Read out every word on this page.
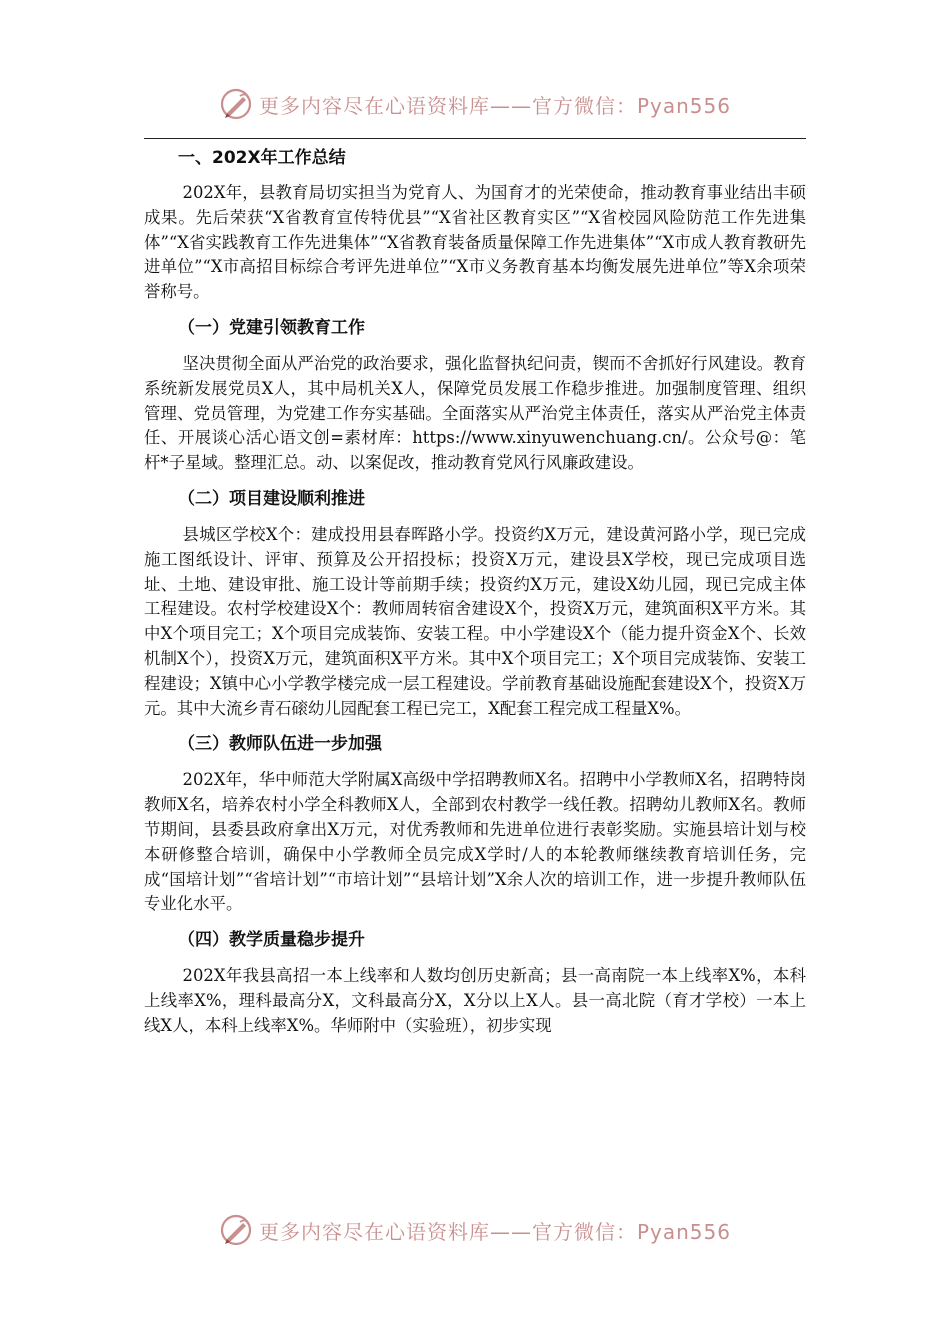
更多内容尽在心语资料库——官方微信：Pyan556
一、202X年工作总结

202X年，县教育局切实担当为党育人、为国育才的光荣使命，推动教育事业结出丰硕成果。先后荣获“X省教育宣传特优县”“X省社区教育实区”“X省校园风险防范工作先进集体”“X省实践教育工作先进集体”“X省教育装备质量保障工作先进集体”“X市成人教育教研先进单位”“X市高招目标综合考评先进单位”“X市义务教育基本均衡发展先进单位”等X余项荣誉称号。

（一）党建引领教育工作

坚决贯彻全面从严治党的政治要求，强化监督执纪问责，锲而不舍抓好行风建设。教育系统新发展党员X人，其中局机关X人，保障党员发展工作稳步推进。加强制度管理、组织管理、党员管理，为党建工作夯实基础。全面落实从严治党主体责任，落实从严治党主体责任、开展谈心活心语文创=素材库：https://www.xinyuwenchuang.cn/。公众号@：笔杆*子星域。整理汇总。动、以案促改，推动教育党风行风廉政建设。

（二）项目建设顺利推进

县城区学校X个：建成投用县春晖路小学。投资约X万元，建设黄河路小学，现已完成施工图纸设计、评审、预算及公开招投标；投资X万元，建设县X学校，现已完成项目选址、土地、建设审批、施工设计等前期手续；投资约X万元，建设X幼儿园，现已完成主体工程建设。农村学校建设X个：教师周转宿舍建设X个，投资X万元，建筑面积X平方米。其中X个项目完工；X个项目完成装饰、安装工程。中小学建设X个（能力提升资金X个、长效机制X个），投资X万元，建筑面积X平方米。其中X个项目完工；X个项目完成装饰、安装工程建设；X镇中心小学教学楼完成一层工程建设。学前教育基础设施配套建设X个，投资X万元。其中大流乡青石磙幼儿园配套工程已完工，X配套工程完成工程量X%。

（三）教师队伍进一步加强

202X年，华中师范大学附属X高级中学招聘教师X名。招聘中小学教师X名，招聘特岗教师X名，培养农村小学全科教师X人，全部到农村教学一线任教。招聘幼儿教师X名。教师节期间，县委县政府拿出X万元，对优秀教师和先进单位进行表彰奖励。实施县培计划与校本研修整合培训，确保中小学教师全员完成X学时/人的本轮教师继续教育培训任务，完成“国培计划”“省培计划”“市培计划”“县培计划”X余人次的培训工作，进一步提升教师队伍专业化水平。

（四）教学质量稳步提升

202X年我县高招一本上线率和人数均创历史新高；县一高南院一本上线率X%，本科上线率X%，理科最高分X，文科最高分X，X分以上X人。县一高北院（育才学校）一本上线X人，本科上线率X%。华师附中（实验班），初步实现

更多内容尽在心语资料库——官方微信：Pyan556
